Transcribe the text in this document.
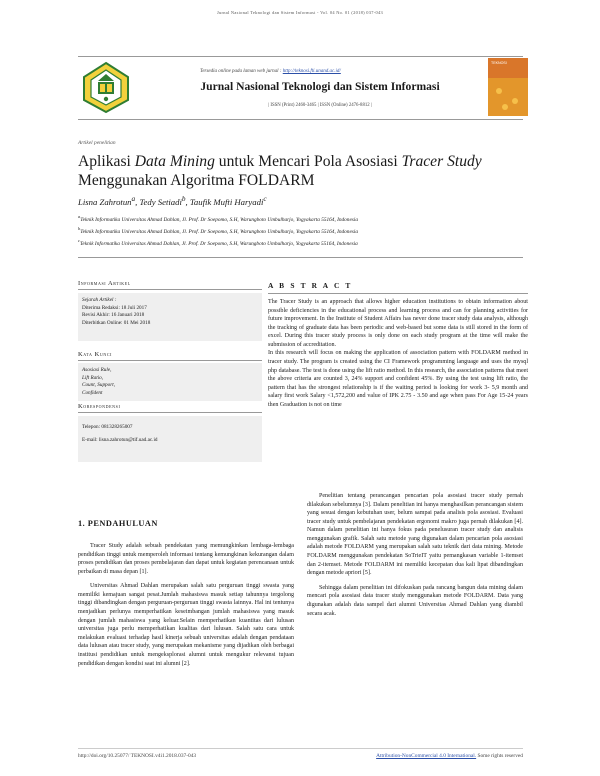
Jurnal Nasional Teknologi dan Sistem Informasi - Vol. 04 No. 01 (2018) 037-043
Tersedia online pada laman web jurnal : http://teknosi.fti.unand.ac.id/
Jurnal Nasional Teknologi dan Sistem Informasi
| ISSN (Print) 2460-3465 | ISSN (Online) 2476-8812 |
TEKNOSI
Artikel penelitian
Aplikasi Data Mining untuk Mencari Pola Asosiasi Tracer Study Menggunakan Algoritma FOLDARM
Lisna Zahrotun$^a$, Tedy Setiadi$^b$, Taufik Mufti Haryadi$^c$
$^a$Teknik Informatika Universitas Ahmad Dahlan, Jl. Prof. Dr Soepomo, S.H, Warungboto Umbulharjo, Yogyakarta 55164, Indonesia
$^b$Teknik Informatika Universitas Ahmad Dahlan, Jl. Prof. Dr Soepomo, S.H, Warungboto Umbulharjo, Yogyakarta 55164, Indonesia
$^c$Teknik Informatika Universitas Ahmad Dahlan, Jl. Prof. Dr Soepomo, S.H, Warungboto Umbulharjo, Yogyakarta 55164, Indonesia
Informasi Artikel
Sejarah Artikel :
Diterima Redaksi: 18 Juli 2017
Revisi Akhir: 16 Januari 2018
Diterbitkan Online: 01 Mei 2018
Kata Kunci
Asosiasi Rule,
Lift Ratio,
Count, Support,
Confident
Korespondensi
Telepon: 081328265007
E-mail: lisna.zahrotun@tif.uad.ac.id
A B S T R A C T

The Tracer Study is an approach that allows higher education institutions to obtain information about possible deficiencies in the educational process and learning process and can for planning activities for future improvement. In the Institute of Student Affairs has never done tracer study data analysis, although the tracking of graduate data has been periodic and web-based but some data is still stored in the form of excel. During this tracer study process is only done on each study program at the time will make the submission of accreditation.

In this research will focus on making the application of association pattern with FOLDARM method in tracer study. The program is created using the CI Framework programming language and uses the mysql php database. The test is done using the lift ratio method. In this research, the association patterns that meet the above criteria are counted 3, 24% support and confident 45%. By using the test using lift ratio, the pattern that has the strongest relationship is if the waiting period is looking for work 3- 5,9 month and salary first work Salary <1,572,200 and value of IPK 2.75 - 3.50 and age when pass For Age 15-24 years then Graduation is not on time

1. PENDAHULUAN

Tracer Study adalah sebuah pendekatan yang memungkinkan lembaga-lembaga pendidikan tinggi untuk memperoleh informasi tentang kemungkinan kekurangan dalam proses pendidikan dan proses pembelajaran dan dapat untuk kegiatan perencanaan untuk perbaikan di masa depan [1].

Universitas Ahmad Dahlan merupakan salah satu perguruan tinggi swasta yang memiliki kemajuan sangat pesat.Jumlah mahasiswa masuk setiap tahunnya tergolong tinggi dibandingkan dengan perguruan-perguruan tinggi swasta lainnya. Hal ini tentunya menjadikan perlunya memperhatikan keseimbangan jumlah mahasiswa yang masuk dengan jumlah mahasiswa yang keluar.Selain memperhatikan kuantitas dari lulusan universitas juga perlu memperhatikan kualitas dari lulusan. Salah satu cara untuk melakukan evaluasi terhadap hasil kinerja sebuah universitas adalah dengan pendataan data lulusan atau tracer study, yang merupakan mekanisme yang dijadikan oleh berbagai institusi pendidikan untuk mengeksplorasi alumni untuk mengukur relevansi tujuan pendidikan dengan kondisi saat ini alumni [2].

Penelitian tentang perancangan pencarian pola asosiasi tracer study pernah dilakukan sebelumnya [3]. Dalam penelitian ini hanya menghasilkan perancangan sistem yang sesuai dengan kebutuhan user, belum sampai pada analisis pola asosiasi. Evaluasi tracer study untuk pembelajaran pendekatan ergonomi makro juga pernah dilakukan [4]. Namun dalam penelitian ini hanya fokus pada penelusuran tracer study dan analisis menggunakan grafik. Salah satu metode yang digunakan dalam pencarian pola asosiasi adalah metode FOLDARM yang merupakan salah satu teknik dari data mining. Metode FOLDARM menggunakan pendekatan SoTrieIT yaitu pemangkasan variable 1-itemset dan 2-itemset. Metode FOLDARM ini memiliki kecepatan dua kali lipat dibandingkan dengan metode apriori [5].

Sehingga dalam penelitian ini difokuskan pada rancang bangun data mining dalam mencari pola asosiasi data tracer study menggunakan metode FOLDARM. Data yang digunakan adalah data sampel dari alumni Universitas Ahmad Dahlan yang diambil secara acak.

http://doi.org/10.25077/ TEKNOSI.v4i1.2018.037-043	Attribution-NonCommercial 4.0 International. Some rights reserved
